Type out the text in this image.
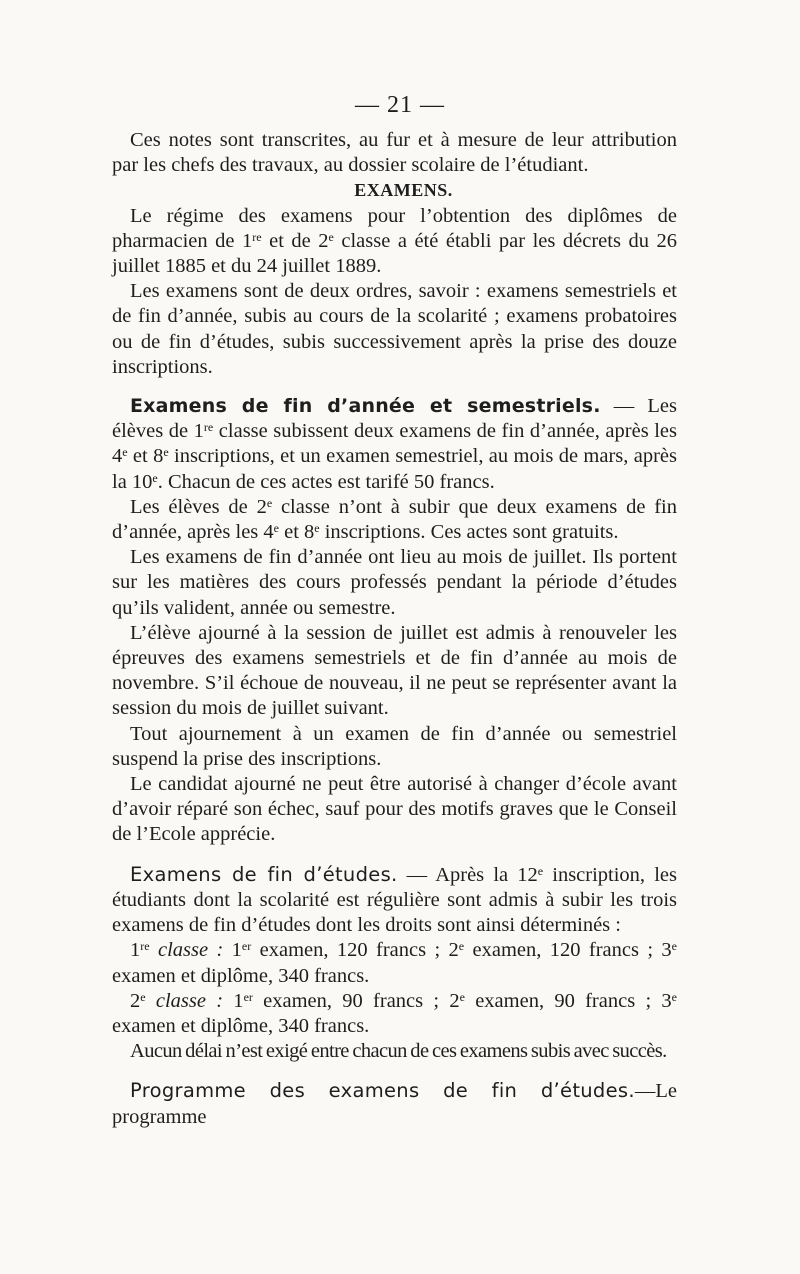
— 21 —

Ces notes sont transcrites, au fur et à mesure de leur attribution par les chefs des travaux, au dossier scolaire de l’étudiant.

EXAMENS.

Le régime des examens pour l’obtention des diplômes de pharmacien de 1re et de 2e classe a été établi par les décrets du 26 juillet 1885 et du 24 juillet 1889.

Les examens sont de deux ordres, savoir : examens semestriels et de fin d’année, subis au cours de la scolarité ; examens probatoires ou de fin d’études, subis successivement après la prise des douze inscriptions.

Examens de fin d’année et semestriels. — Les élèves de 1re classe subissent deux examens de fin d’année, après les 4e et 8e inscriptions, et un examen semestriel, au mois de mars, après la 10e. Chacun de ces actes est tarifé 50 francs.

Les élèves de 2e classe n’ont à subir que deux examens de fin d’année, après les 4e et 8e inscriptions. Ces actes sont gratuits.

Les examens de fin d’année ont lieu au mois de juillet. Ils portent sur les matières des cours professés pendant la période d’études qu’ils valident, année ou semestre.

L’élève ajourné à la session de juillet est admis à renouveler les épreuves des examens semestriels et de fin d’année au mois de novembre. S’il échoue de nouveau, il ne peut se représenter avant la session du mois de juillet suivant.

Tout ajournement à un examen de fin d’année ou semestriel suspend la prise des inscriptions.

Le candidat ajourné ne peut être autorisé à changer d’école avant d’avoir réparé son échec, sauf pour des motifs graves que le Conseil de l’Ecole apprécie.

Examens de fin d’études. — Après la 12e inscription, les étudiants dont la scolarité est régulière sont admis à subir les trois examens de fin d’études dont les droits sont ainsi déterminés :

1re classe : 1er examen, 120 francs ; 2e examen, 120 francs ; 3e examen et diplôme, 340 francs.

2e classe : 1er examen, 90 francs ; 2e examen, 90 francs ; 3e examen et diplôme, 340 francs.

Aucun délai n’est exigé entre chacun de ces examens subis avec succès.

Programme des examens de fin d’études.—Le programme
